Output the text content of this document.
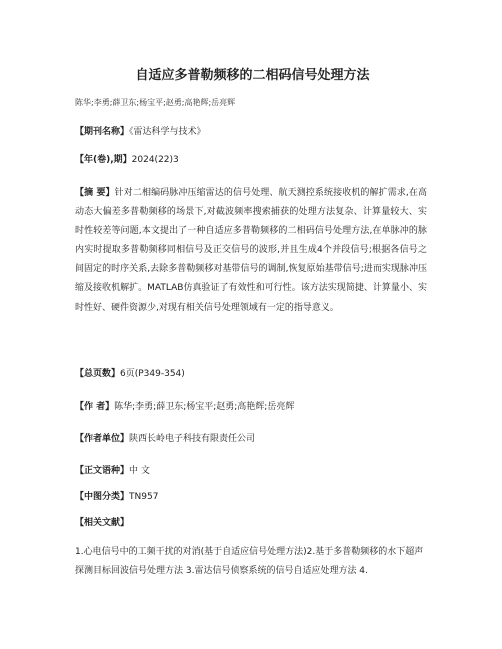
自适应多普勒频移的二相码信号处理方法
陈华;李勇;薛卫东;杨宝平;赵勇;高艳辉;岳亮辉
【期刊名称】《雷达科学与技术》
【年(卷),期】2024(22)3
【摘 要】针对二相编码脉冲压缩雷达的信号处理、航天测控系统接收机的解扩需求,在高动态大偏差多普勒频移的场景下,对截波频率搜索捕获的处理方法复杂、计算量较大、实时性较差等问题,本文提出了一种自适应多普勒频移的二相码信号处理方法,在单脉冲的脉内实时提取多普勒频移同相信号及正交信号的波形,并且生成4个并段信号;根据各信号之间固定的时序关系,去除多普勒频移对基带信号的调制,恢复原始基带信号;进而实现脉冲压缩及接收机解扩。MATLAB仿真验证了有效性和可行性。该方法实现简捷、计算量小、实时性好、硬件资源少,对现有相关信号处理领域有一定的指导意义。
【总页数】6页(P349-354)
【作 者】陈华;李勇;薛卫东;杨宝平;赵勇;高艳辉;岳亮辉
【作者单位】陕西长岭电子科技有限责任公司
【正文语种】中 文
【中图分类】TN957
【相关文献】
1.心电信号中的工频干扰的对消(基于自适应信号处理方法)2.基于多普勒频移的水下超声探测目标回波信号处理方法 3.雷达信号侦察系统的信号自适应处理方法 4.
